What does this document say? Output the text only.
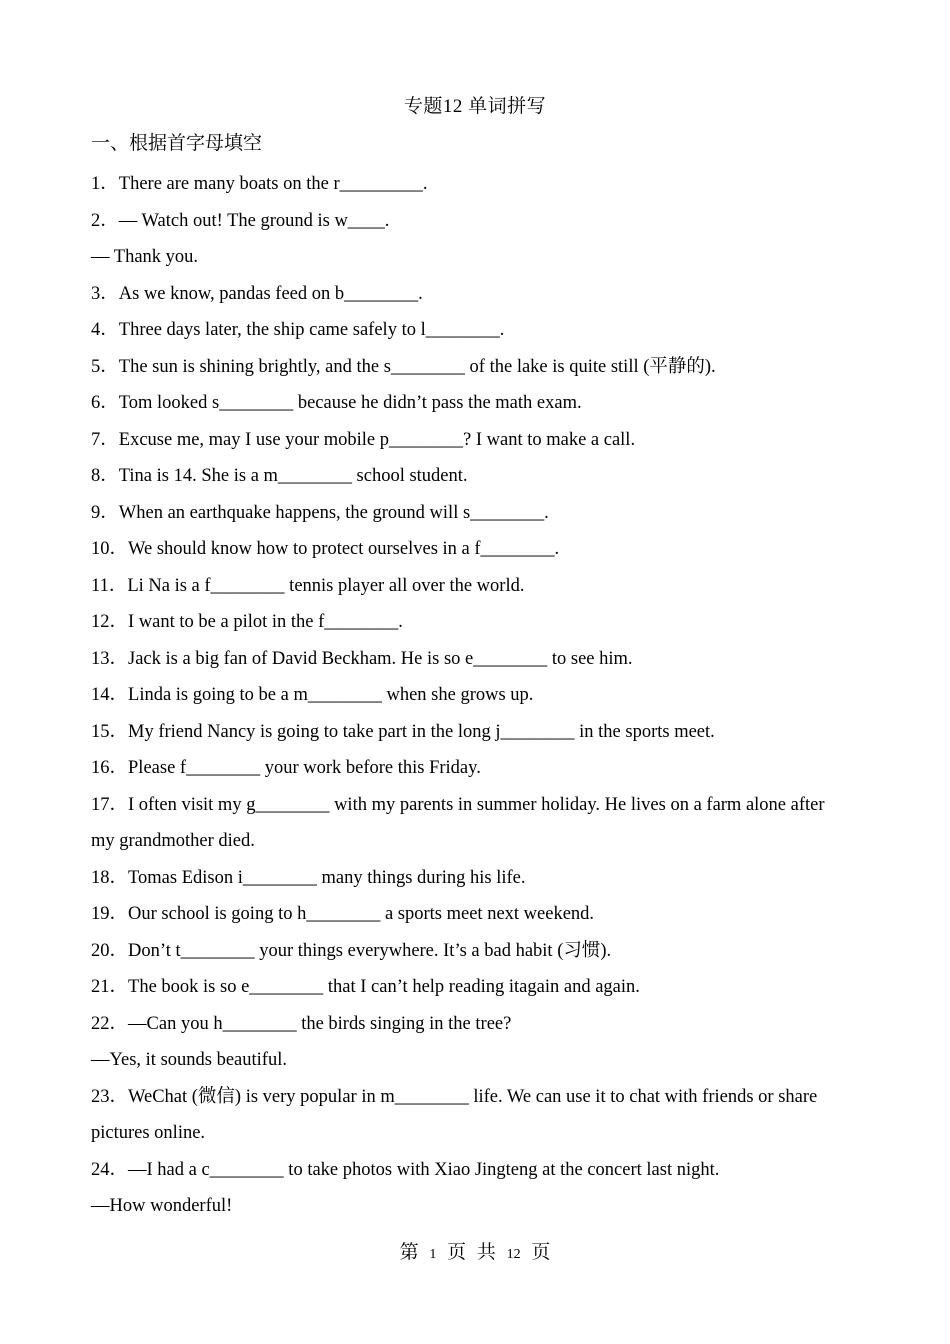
专题12 单词拼写
一、根据首字母填空
1．There are many boats on the r_________.
2．— Watch out! The ground is w____.
— Thank you.
3．As we know, pandas feed on b________.
4．Three days later, the ship came safely to l________.
5．The sun is shining brightly, and the s________ of the lake is quite still (平静的).
6．Tom looked s________ because he didn’t pass the math exam.
7．Excuse me, may I use your mobile p________? I want to make a call.
8．Tina is 14. She is a m________ school student.
9．When an earthquake happens, the ground will s________.
10．We should know how to protect ourselves in a f________.
11．Li Na is a f________ tennis player all over the world.
12．I want to be a pilot in the f________.
13．Jack is a big fan of David Beckham. He is so e________ to see him.
14．Linda is going to be a m________ when she grows up.
15．My friend Nancy is going to take part in the long j________ in the sports meet.
16．Please f________ your work before this Friday.
17．I often visit my g________ with my parents in summer holiday. He lives on a farm alone after
my grandmother died.
18．Tomas Edison i________ many things during his life.
19．Our school is going to h________ a sports meet next weekend.
20．Don’t t________ your things everywhere. It’s a bad habit (习惯).
21．The book is so e________ that I can’t help reading itagain and again.
22．—Can you h________ the birds singing in the tree?
—Yes, it sounds beautiful.
23．WeChat (微信) is very popular in m________ life. We can use it to chat with friends or share
pictures online.
24．—I had a c________ to take photos with Xiao Jingteng at the concert last night.
—How wonderful!
第 1 页 共 12 页
